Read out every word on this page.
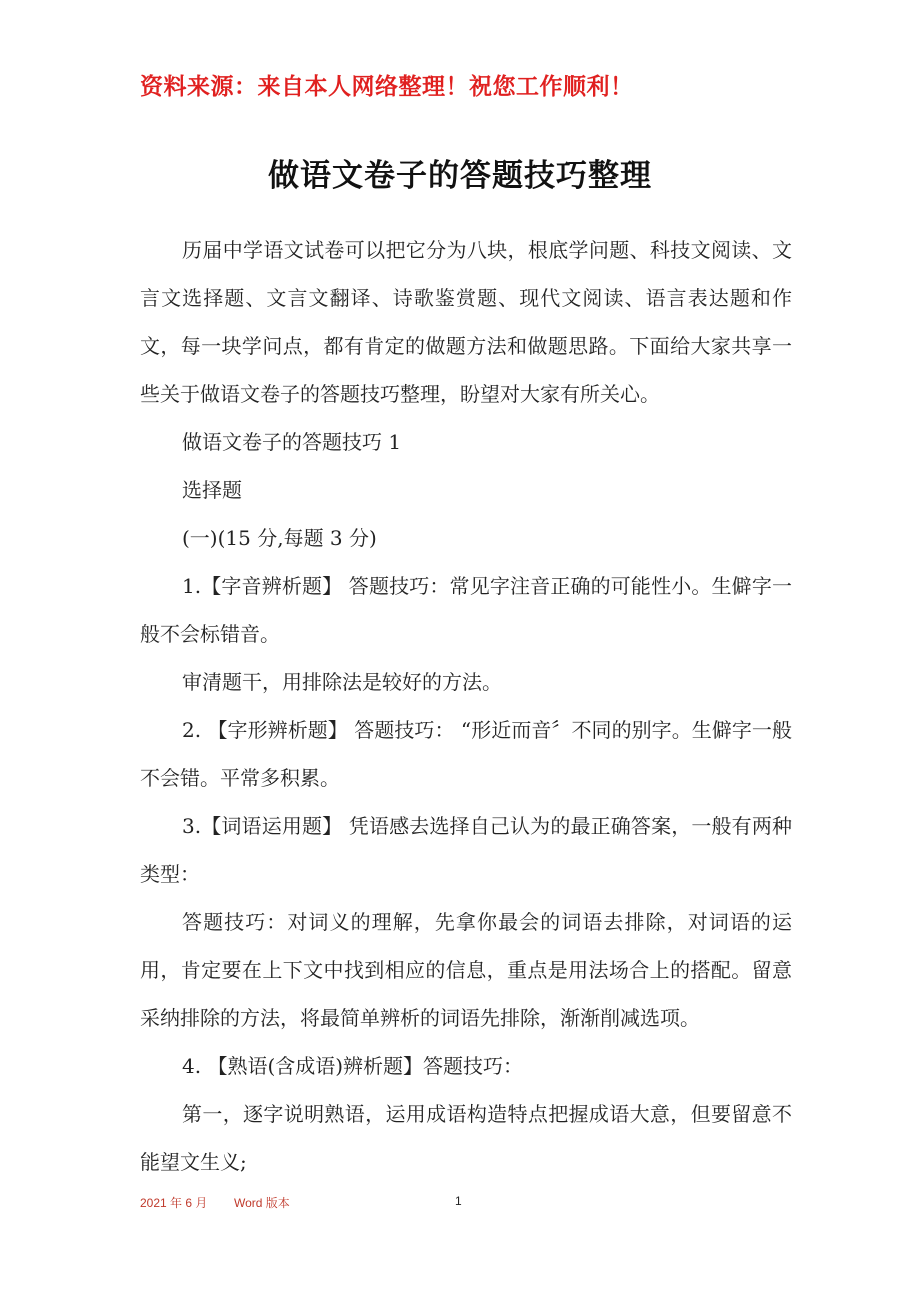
资料来源：来自本人网络整理！祝您工作顺利！
做语文卷子的答题技巧整理

历届中学语文试卷可以把它分为八块，根底学问题、科技文阅读、文言文选择题、文言文翻译、诗歌鉴赏题、现代文阅读、语言表达题和作文，每一块学问点，都有肯定的做题方法和做题思路。下面给大家共享一些关于做语文卷子的答题技巧整理，盼望对大家有所关心。

做语文卷子的答题技巧 1

选择题

(一)(15 分,每题 3 分)

1.【字音辨析题】 答题技巧：常见字注音正确的可能性小。生僻字一般不会标错音。

审清题干，用排除法是较好的方法。

2. 【字形辨析题】 答题技巧： “形近而音〞不同的别字。生僻字一般不会错。平常多积累。

3.【词语运用题】 凭语感去选择自己认为的最正确答案，一般有两种类型：

答题技巧：对词义的理解，先拿你最会的词语去排除，对词语的运用，肯定要在上下文中找到相应的信息，重点是用法场合上的搭配。留意采纳排除的方法，将最简单辨析的词语先排除，渐渐削减选项。

4. 【熟语(含成语)辨析题】答题技巧：

第一，逐字说明熟语，运用成语构造特点把握成语大意，但要留意不能望文生义;

2021 年 6 月 Word 版本	1
